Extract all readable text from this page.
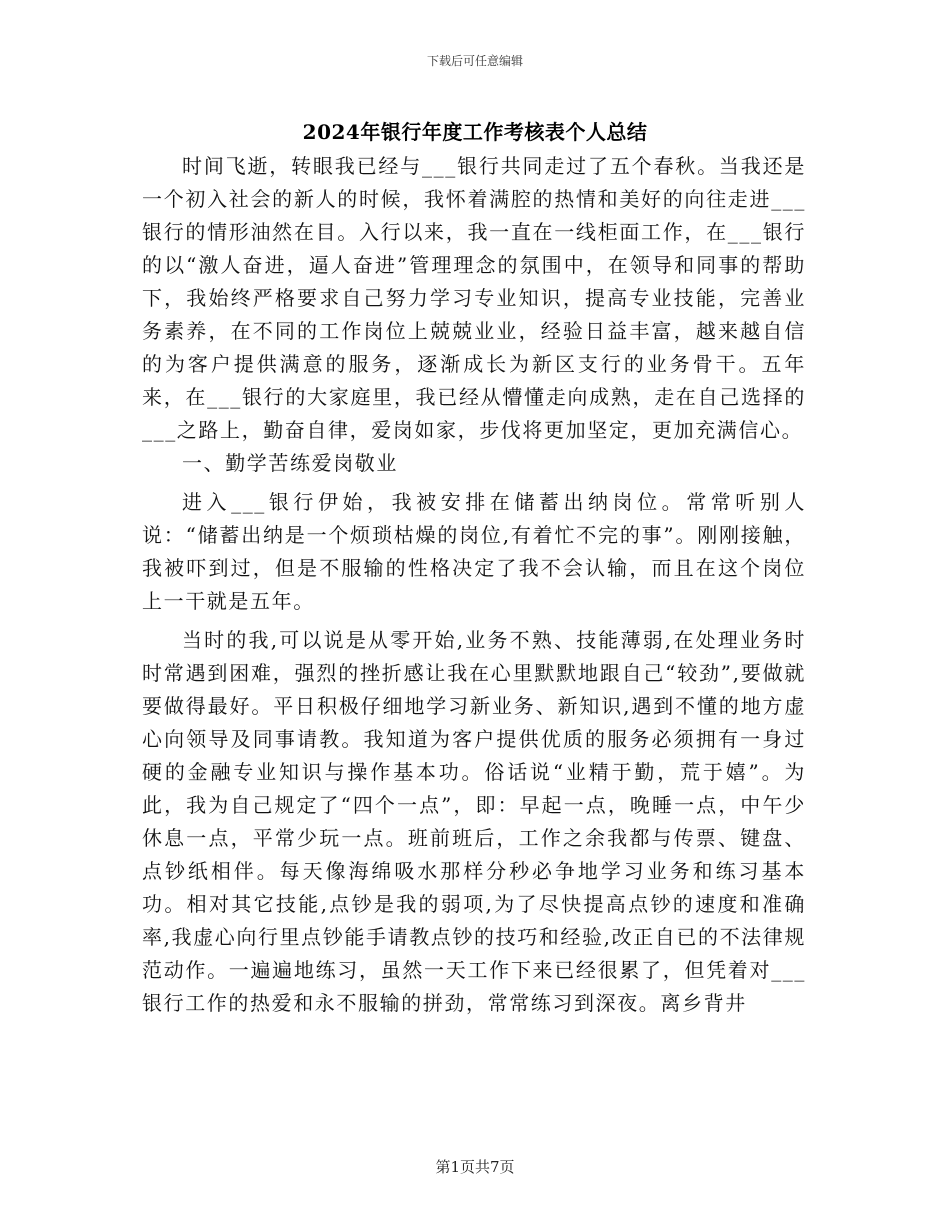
下载后可任意编辑
2024年银行年度工作考核表个人总结

时间飞逝，转眼我已经与___银行共同走过了五个春秋。当我还是一个初入社会的新人的时候，我怀着满腔的热情和美好的向往走进___银行的情形油然在目。入行以来，我一直在一线柜面工作，在___银行的以“激人奋进，逼人奋进”管理理念的氛围中，在领导和同事的帮助下，我始终严格要求自己努力学习专业知识，提高专业技能，完善业务素养，在不同的工作岗位上兢兢业业，经验日益丰富，越来越自信的为客户提供满意的服务，逐渐成长为新区支行的业务骨干。五年来，在___银行的大家庭里，我已经从懵懂走向成熟，走在自己选择的___之路上，勤奋自律，爱岗如家，步伐将更加坚定，更加充满信心。

一、勤学苦练爱岗敬业

进入___银行伊始，我被安排在储蓄出纳岗位。常常听别人说：“储蓄出纳是一个烦琐枯燥的岗位,有着忙不完的事”。刚刚接触，我被吓到过，但是不服输的性格决定了我不会认输，而且在这个岗位上一干就是五年。

当时的我,可以说是从零开始,业务不熟、技能薄弱,在处理业务时时常遇到困难，强烈的挫折感让我在心里默默地跟自己“较劲”,要做就要做得最好。平日积极仔细地学习新业务、新知识,遇到不懂的地方虚心向领导及同事请教。我知道为客户提供优质的服务必须拥有一身过硬的金融专业知识与操作基本功。俗话说“业精于勤，荒于嬉”。为此，我为自己规定了“四个一点”，即：早起一点，晚睡一点，中午少休息一点，平常少玩一点。班前班后，工作之余我都与传票、键盘、点钞纸相伴。每天像海绵吸水那样分秒必争地学习业务和练习基本功。相对其它技能,点钞是我的弱项,为了尽快提高点钞的速度和准确率,我虚心向行里点钞能手请教点钞的技巧和经验,改正自已的不法律规范动作。一遍遍地练习，虽然一天工作下来已经很累了，但凭着对___银行工作的热爱和永不服输的拼劲，常常练习到深夜。离乡背井

第1页共7页
